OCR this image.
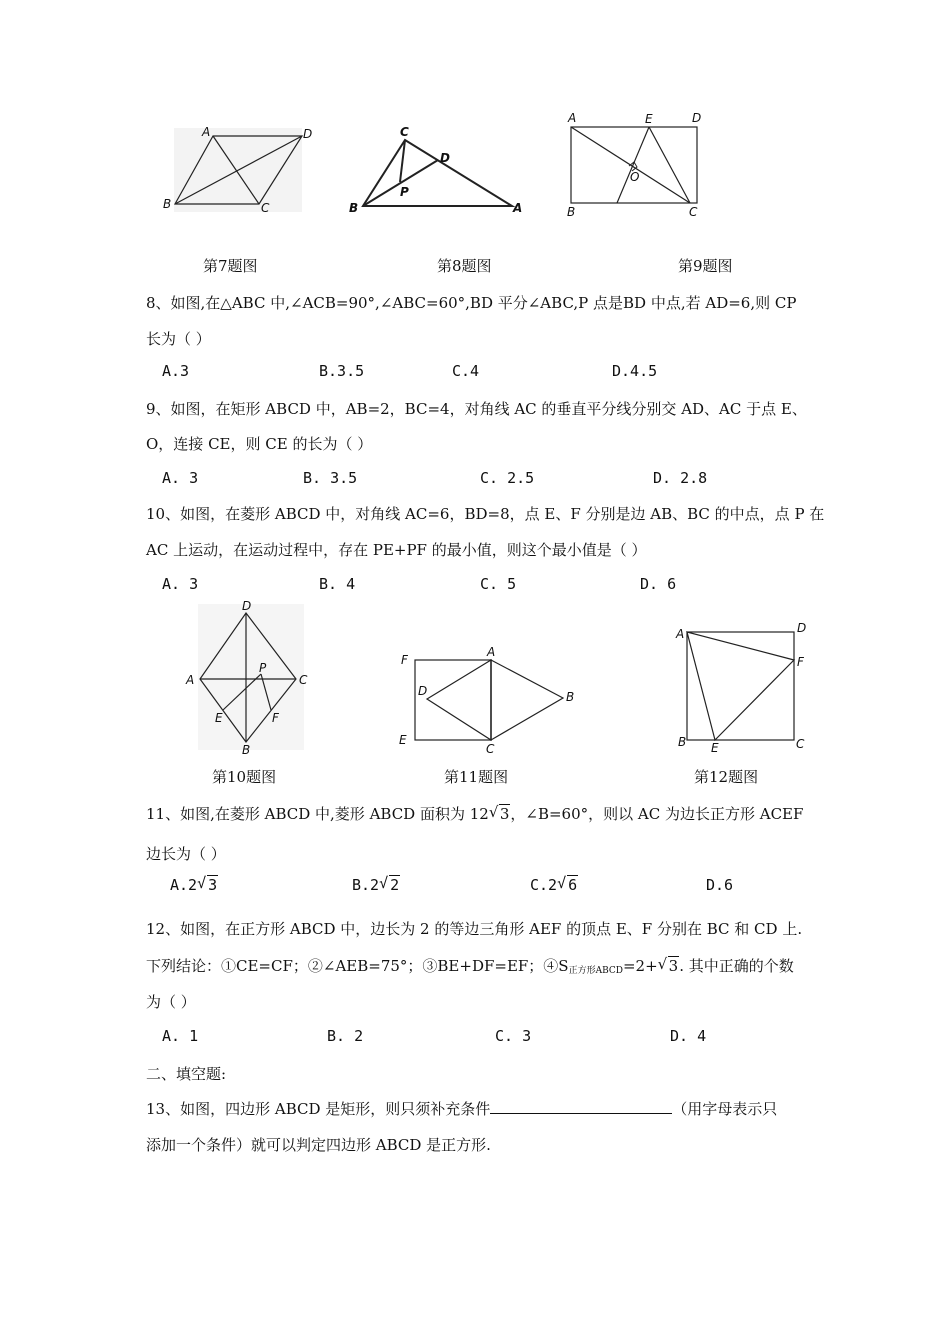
A	D
B	C
C
D
P
B	A
A	E	D
O
B	C
第7题图	第8题图	第9题图
8、如图,在△ABC 中,∠ACB=90°,∠ABC=60°,BD 平分∠ABC,P 点是BD 中点,若 AD=6,则 CP
长为（ ）
A.3	B.3.5	C.4	D.4.5
9、如图，在矩形 ABCD 中，AB=2，BC=4，对角线 AC 的垂直平分线分别交 AD、AC 于点 E、
O，连接 CE，则 CE 的长为（ ）
A. 3	B. 3.5	C. 2.5	D. 2.8
10、如图，在菱形 ABCD 中，对角线 AC=6，BD=8，点 E、F 分别是边 AB、BC 的中点，点 P 在
AC 上运动，在运动过程中，存在 PE+PF 的最小值，则这个最小值是（ ）
A. 3	B. 4	C. 5	D. 6
D
A
P
C
E	F
B
F
A
D	B
E
C
A	D
F
B E	C
第10题图	第11题图	第12题图
11、如图,在菱形 ABCD 中,菱形 ABCD 面积为 12 √ 3，∠B=60°，则以 AC 为边长正方形 ACEF
边长为（ ）
A.2 √ 3	B.2 √ 2	C.2 √ 6	D.6
12、如图，在正方形 ABCD 中，边长为 2 的等边三角形 AEF 的顶点 E、F 分别在 BC 和 CD 上.
下列结论：①CE=CF；②∠AEB=75°；③BE+DF=EF；$④S_{正方形ABCD}=2+$ √ 3. 其中正确的个数
为（ ）
A. 1	B. 2	C. 3	D. 4
二、填空题:
13、如图，四边形 ABCD 是矩形，则只须补充条件	（用字母表示只
添加一个条件）就可以判定四边形 ABCD 是正方形.
